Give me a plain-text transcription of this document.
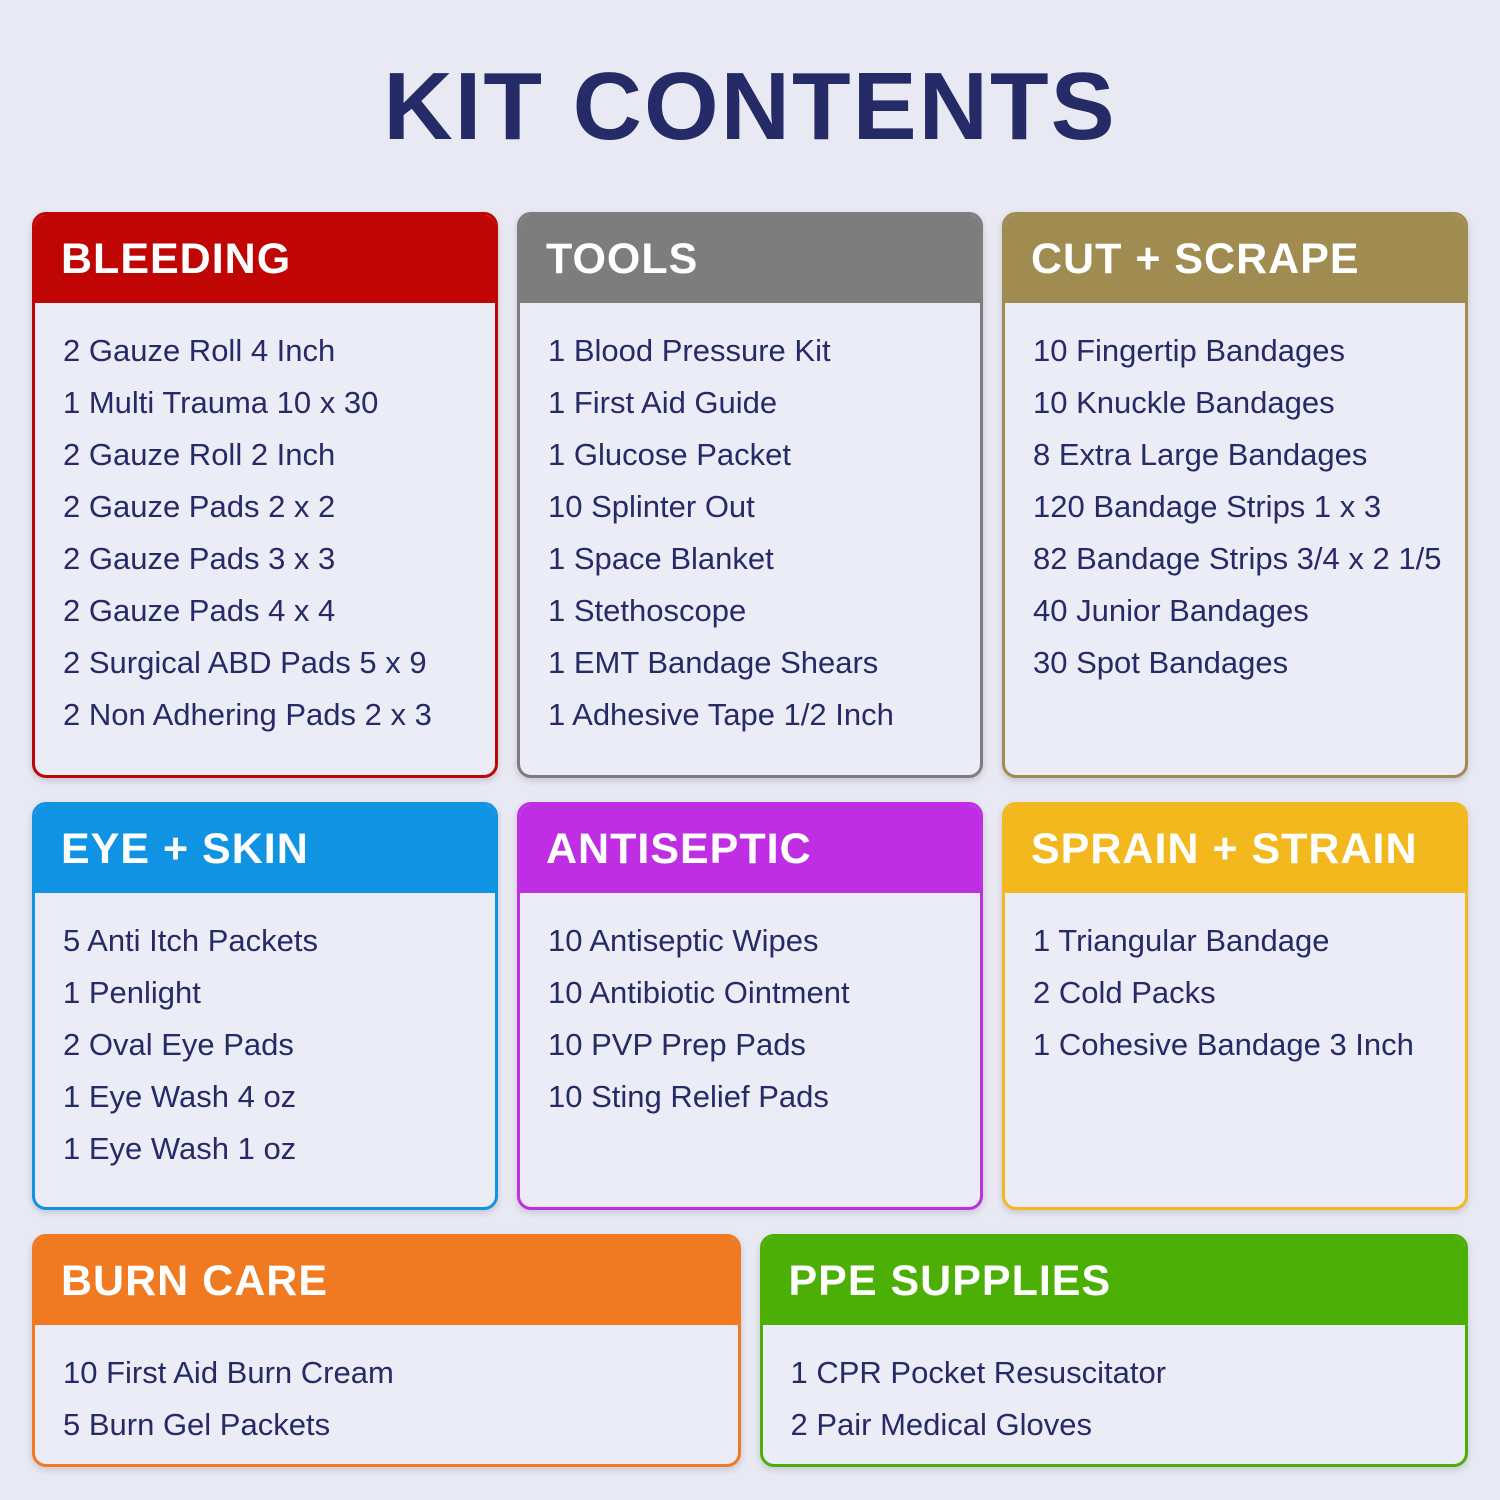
KIT CONTENTS
BLEEDING
2 Gauze Roll 4 Inch
1 Multi Trauma 10 x 30
2 Gauze Roll 2 Inch
2 Gauze Pads 2 x 2
2 Gauze Pads 3 x 3
2 Gauze Pads 4 x 4
2 Surgical ABD Pads 5 x 9
2 Non Adhering Pads 2 x 3
TOOLS
1 Blood Pressure Kit
1 First Aid Guide
1 Glucose Packet
10 Splinter Out
1 Space Blanket
1 Stethoscope
1 EMT Bandage Shears
1 Adhesive Tape 1/2 Inch
CUT + SCRAPE
10 Fingertip Bandages
10 Knuckle Bandages
8 Extra Large Bandages
120 Bandage Strips 1 x 3
82 Bandage Strips 3/4 x 2 1/5
40 Junior Bandages
30 Spot Bandages
EYE + SKIN
5 Anti Itch Packets
1 Penlight
2 Oval Eye Pads
1 Eye Wash 4 oz
1 Eye Wash 1 oz
ANTISEPTIC
10 Antiseptic Wipes
10 Antibiotic Ointment
10 PVP Prep Pads
10 Sting Relief Pads
SPRAIN + STRAIN
1 Triangular Bandage
2 Cold Packs
1 Cohesive Bandage 3 Inch
BURN CARE
10 First Aid Burn Cream
5 Burn Gel Packets
PPE SUPPLIES
1 CPR Pocket Resuscitator
2 Pair Medical Gloves
